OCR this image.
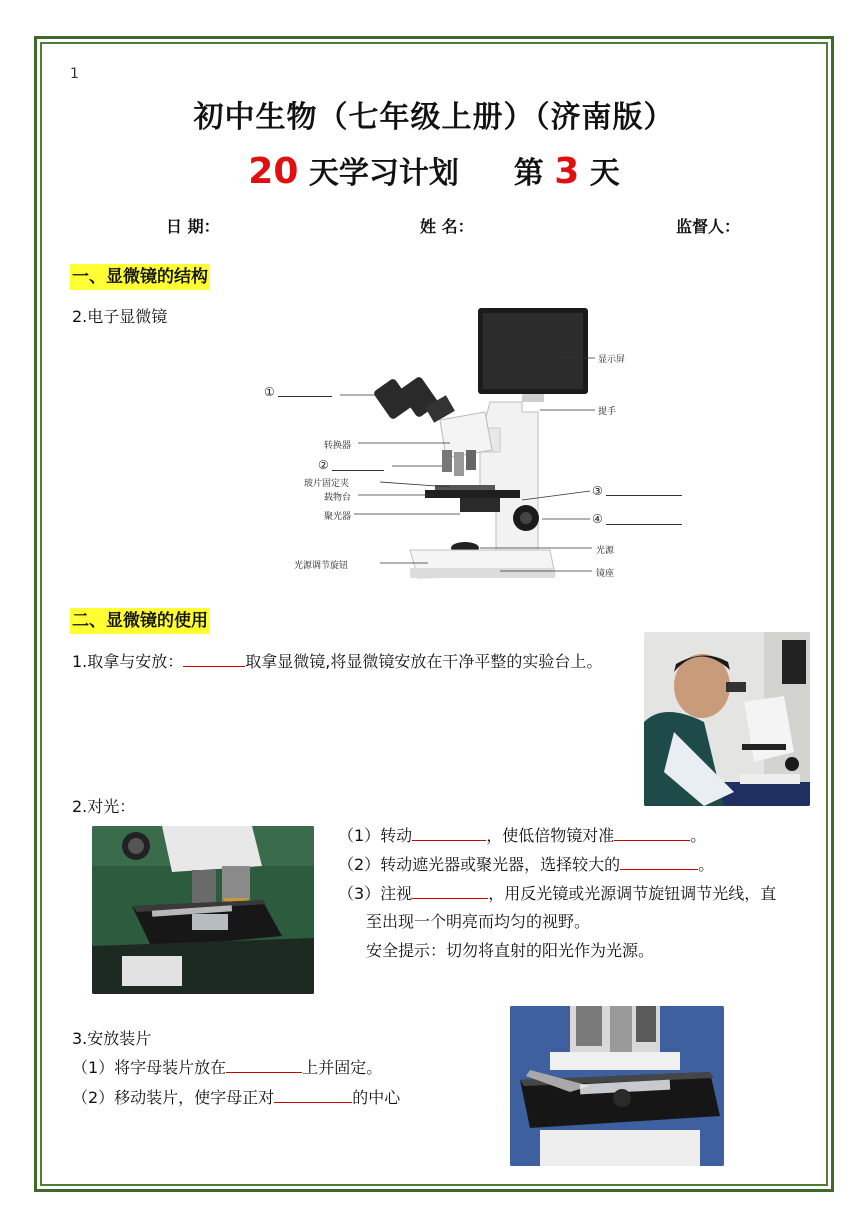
1
初中生物（七年级上册）（济南版）
20 天学习计划 第 3 天
日 期：	姓 名：	监督人：
一、显微镜的结构
2.电子显微镜
显示屏
提手
转换器
玻片固定夹
载物台
聚光器
光源调节旋钮
光源
镜座
①
②
③
④
二、显微镜的使用
1.取拿与安放：	取拿显微镜,将显微镜安放在干净平整的实验台上。
2.对光：
（1）转动	，使低倍物镜对准	。
（2）转动遮光器或聚光器，选择较大的	。
（3）注视	，用反光镜或光源调节旋钮调节光线，直
至出现一个明亮而均匀的视野。
安全提示：切勿将直射的阳光作为光源。
3.安放装片
（1）将字母装片放在	上并固定。
（2）移动装片，使字母正对	的中心
